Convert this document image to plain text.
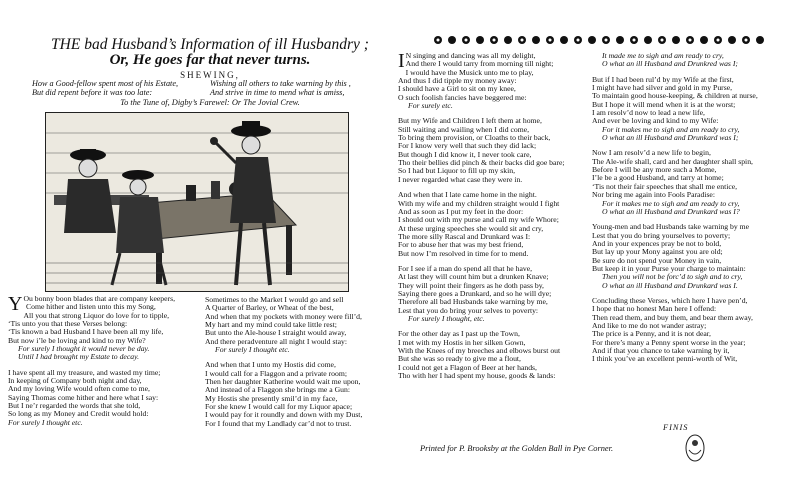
THE bad Husband’s Information of ill Husbandry ;
Or, He goes far that never turns.
SHEWING,
How a Good-fellow spent most of his Estate,
But did repent before it was too late:
Wishing all others to take warning by this ,
And strive in time to mend what is amiss,
To the Tune of, Digby’s Farewel: Or The Jovial Crew.
Y Ou bonny boon blades that are company keepers,
Come hither and listen unto this my Song,
All you that strong Liquor do love for to tipple,
‘Tis unto you that these Verses belong:
‘Tis known a bad Husband I have been all my life,
But now i’le be loving and kind to my Wife?
For surely I thought it would never be day.
Until I had brought my Estate to decay.
I have spent all my treasure, and wasted my time;
In keeping of Company both night and day,
And my loving Wife would often come to me,
Saying Thomas come hither and here what I say:
But I ne’r regarded the words that she told,
So long as my Money and Credit would hold:
For surely I thought etc.
Sometimes to the Market I would go and sell
A Quarter of Barley, or Wheat of the best,
And when that my pockets with money were fill’d,
My hart and my mind could take little rest;
But unto the Ale-house I straight would away,
And there peradventure all night I would stay:
For surely I thought etc.
And when that I unto my Hostis did come,
I would call for a Flaggon and a private room;
Then her daughter Katherine would wait me upon,
And instead of a Flaggon she brings me a Gun:
My Hostis she presently smil’d in my face,
For she knew I would call for my Liquor apace;
I would pay for it roundly and down with my Dust,
For I found that my Landlady car’d not to trust.
I N singing and dancing was all my delight,
And there I would tarry from morning till night;
I would have the Musick unto me to play,
And thus I did tipple my money away:
I should have a Girl to sit on my knee,
O such foolish fancies have beggered me:
For surely etc.
But my Wife and Children I left them at home,
Still waiting and wailing when I did come,
To bring them provision, or Cloaths to their back,
For I know very well that such they did lack;
But though I did know it, I never took care,
Tho their bellies did pinch & their backs did goe bare;
So I had but Liquor to fill up my skin,
I never regarded what case they were in.
And when that I late came home in the night.
With my wife and my children straight would I fight
And as soon as I put my feet in the door:
I should out with my purse and call my wife Whore;
At these urging speeches she would sit and cry,
The more silly Rascal and Drunkard was I:
For to abuse her that was my best friend,
But now I’m resolved in time for to mend.
For I see if a man do spend all that he have,
At last they will count him but a drunken Knave;
They will point their fingers as he doth pass by,
Saying there goes a Drunkard, and so he will dye;
Therefore all bad Husbands take warning by me,
Lest that you do bring your selves to poverty:
For surely I thought, etc.
For the other day as I past up the Town,
I met with my Hostis in her silken Gown,
With the Knees of my breeches and elbows burst out
But she was so ready to give me a flout,
I could not get a Flagon of Beer at her hands,
Tho with her I had spent my house, goods & lands:
It made me to sigh and am ready to cry,
O what an ill Husband and Drunkred was I;
But if I had been rul’d by my Wife at the first,
I might have had silver and gold in my Purse,
To maintain good house-keeping, & children at nurse,
But I hope it will mend when it is at the worst;
I am resolv’d now to lead a new life,
And ever be loving and kind to my Wife:
For it makes me to sigh and am ready to cry,
O what an ill Husband and Drunkard was I;
Now I am resolv’d a new life to begin,
The Ale-wife shall, card and her daughter shall spin,
Before I will be any more such a Mome,
I’le be a good Husband, and tarry at home;
‘Tis not their fair speeches that shall me entice,
Nor bring me again into Fools Paradise:
For it makes me to sigh and am ready to cry,
O what an ill Husband and Drunkard was I?
Young-men and bad Husbands take warning by me
Lest that you do bring yourselves to poverty;
And in your expences pray be not to bold,
But lay up your Mony against you are old;
Be sure do not spend your Money in vain,
But keep it in your Purse your charge to maintain:
Then you will not be forc’d to sigh and to cry,
O what an ill Husband and Drunkard was I.
Concluding these Verses, which here I have pen’d,
I hope that no honest Man here I offend:
Then read them, and buy them, and bear them away,
And like to me do not wander astray;
The price is a Penny, and it is not dear,
For there’s many a Penny spent worse in the year;
And if that you chance to take warning by it,
I think you’ve an excellent penni-worth of Wit,
FINIS
Printed for P. Brooksby at the Golden Ball in Pye Corner.
